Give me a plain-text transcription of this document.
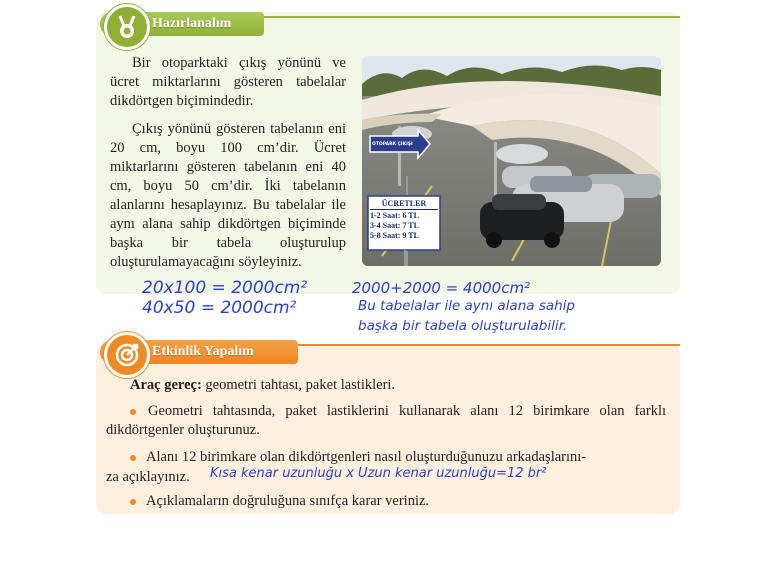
Hazırlanalım
Bir otoparktaki çıkış yönünü ve ücret miktarlarını gösteren tabelalar dikdörtgen biçimindedir.
Çıkış yönünü gösteren tabelanın eni 20 cm, boyu 100 cm’dir. Ücret miktarlarını gösteren tabelanın eni 40 cm, boyu 50 cm’dir. İki tabelanın alanlarını hesaplayınız. Bu tabelalar ile aynı alana sahip dikdörtgen biçiminde başka bir tabela oluşturulup oluşturulamayacağını söyleyiniz.
OTOPARK ÇIKIŞI
ÜCRETLER
1-2 Saat: 6 TL
3-4 Saat: 7 TL
5-8 Saat: 9 TL
20x100 = 2000cm²
40x50 = 2000cm²
2000+2000 = 4000cm²
Bu tabelalar ile aynı alana sahip
başka bir tabela oluşturulabilir.
Etkinlik Yapalım
Araç gereç: geometri tahtası, paket lastikleri.
Geometri tahtasında, paket lastiklerini kullanarak alanı 12 birimkare olan farklı dikdörtgenler oluşturunuz.
Alanı 12 birimkare olan dikdörtgenleri nasıl oluşturduğunuzu arkadaşlarını-
za açıklayınız. Kısa kenar uzunluğu x Uzun kenar uzunluğu=12 br²
Açıklamaların doğruluğuna sınıfça karar veriniz.
